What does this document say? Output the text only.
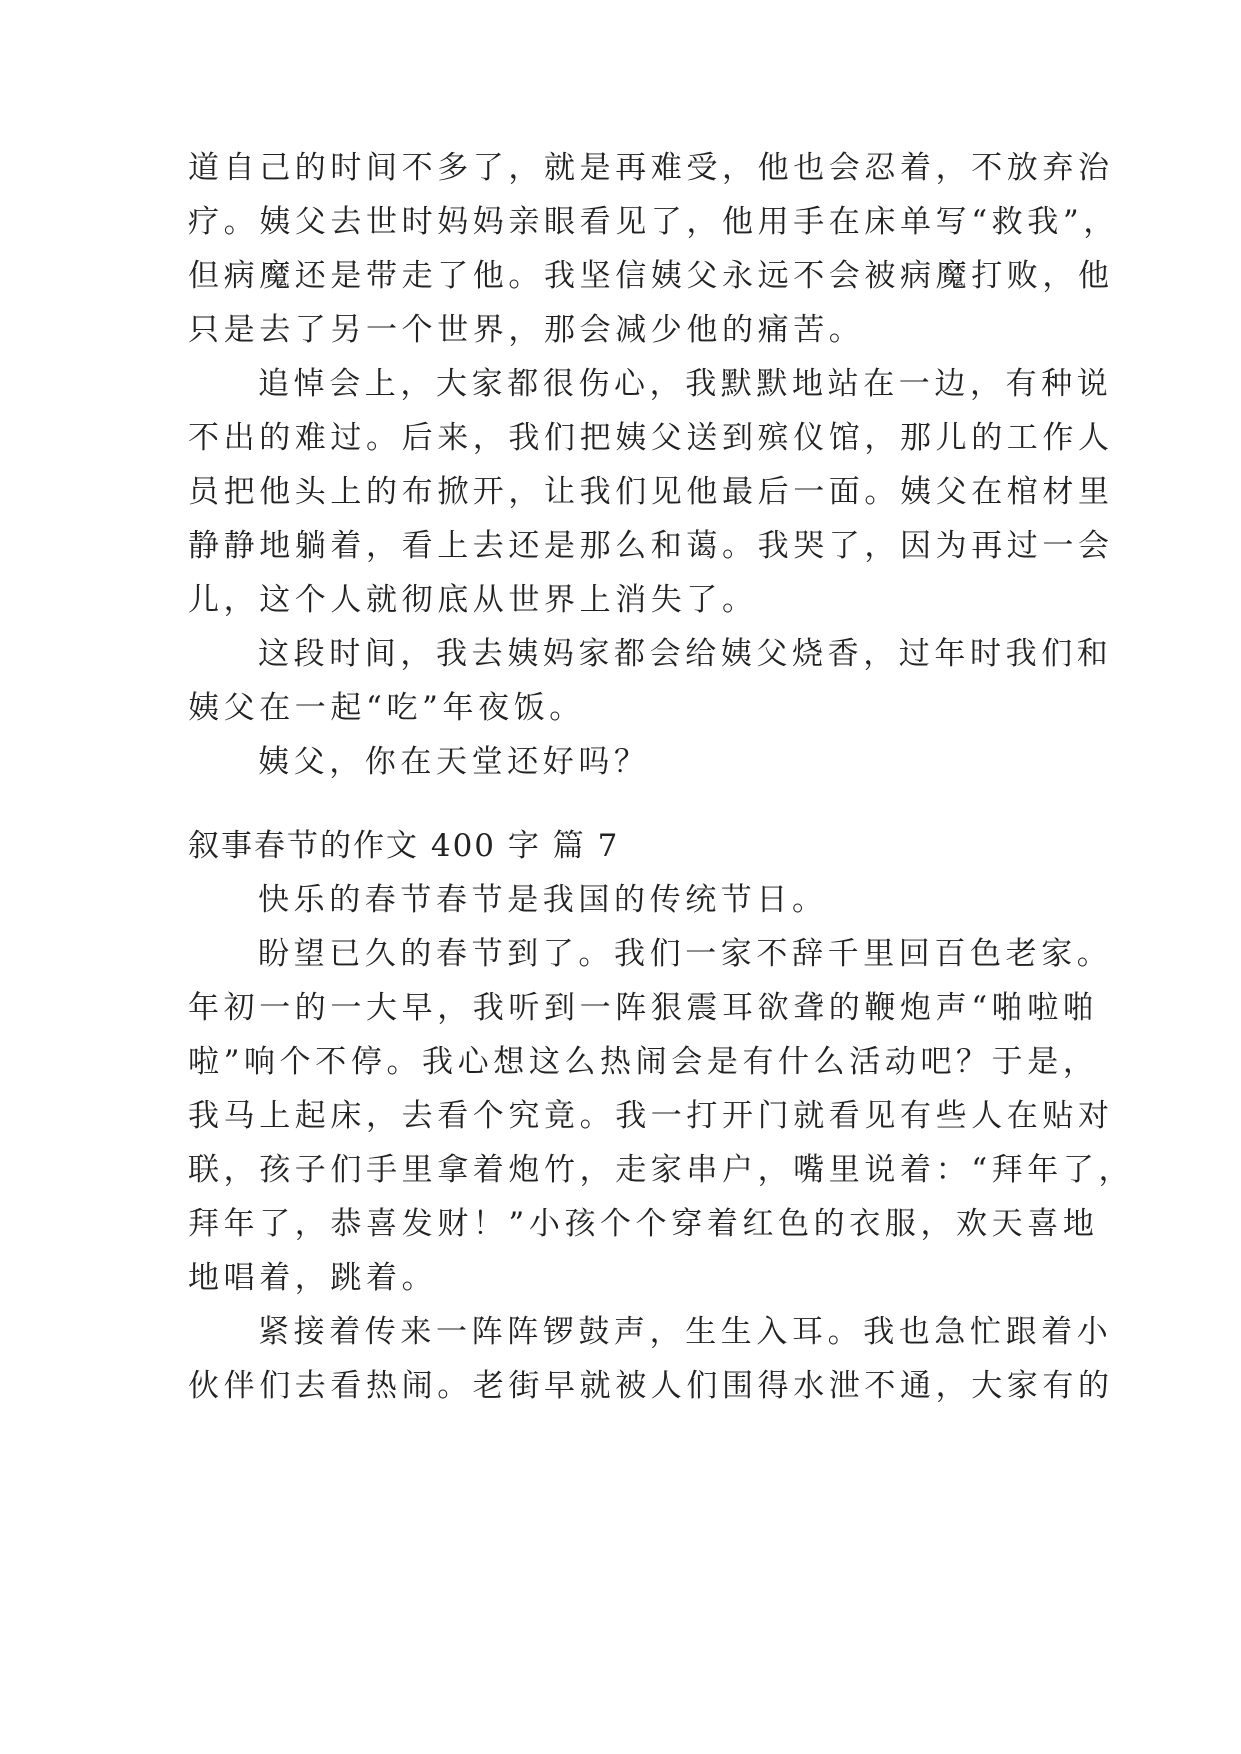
道自己的时间不多了，就是再难受，他也会忍着，不放弃治
疗。姨父去世时妈妈亲眼看见了，他用手在床单写“救我”，
但病魔还是带走了他。我坚信姨父永远不会被病魔打败，他
只是去了另一个世界，那会减少他的痛苦。
追悼会上，大家都很伤心，我默默地站在一边，有种说
不出的难过。后来，我们把姨父送到殡仪馆，那儿的工作人
员把他头上的布掀开，让我们见他最后一面。姨父在棺材里
静静地躺着，看上去还是那么和蔼。我哭了，因为再过一会
儿，这个人就彻底从世界上消失了。
这段时间，我去姨妈家都会给姨父烧香，过年时我们和
姨父在一起“吃”年夜饭。
姨父，你在天堂还好吗？
叙事春节的作文 400 字 篇 7
快乐的春节春节是我国的传统节日。
盼望已久的春节到了。我们一家不辞千里回百色老家。
年初一的一大早，我听到一阵狠震耳欲聋的鞭炮声“啪啦啪
啦”响个不停。我心想这么热闹会是有什么活动吧？于是，
我马上起床，去看个究竟。我一打开门就看见有些人在贴对
联，孩子们手里拿着炮竹，走家串户，嘴里说着：“拜年了，
拜年了，恭喜发财！”小孩个个穿着红色的衣服，欢天喜地
地唱着，跳着。
紧接着传来一阵阵锣鼓声，生生入耳。我也急忙跟着小
伙伴们去看热闹。老街早就被人们围得水泄不通，大家有的
